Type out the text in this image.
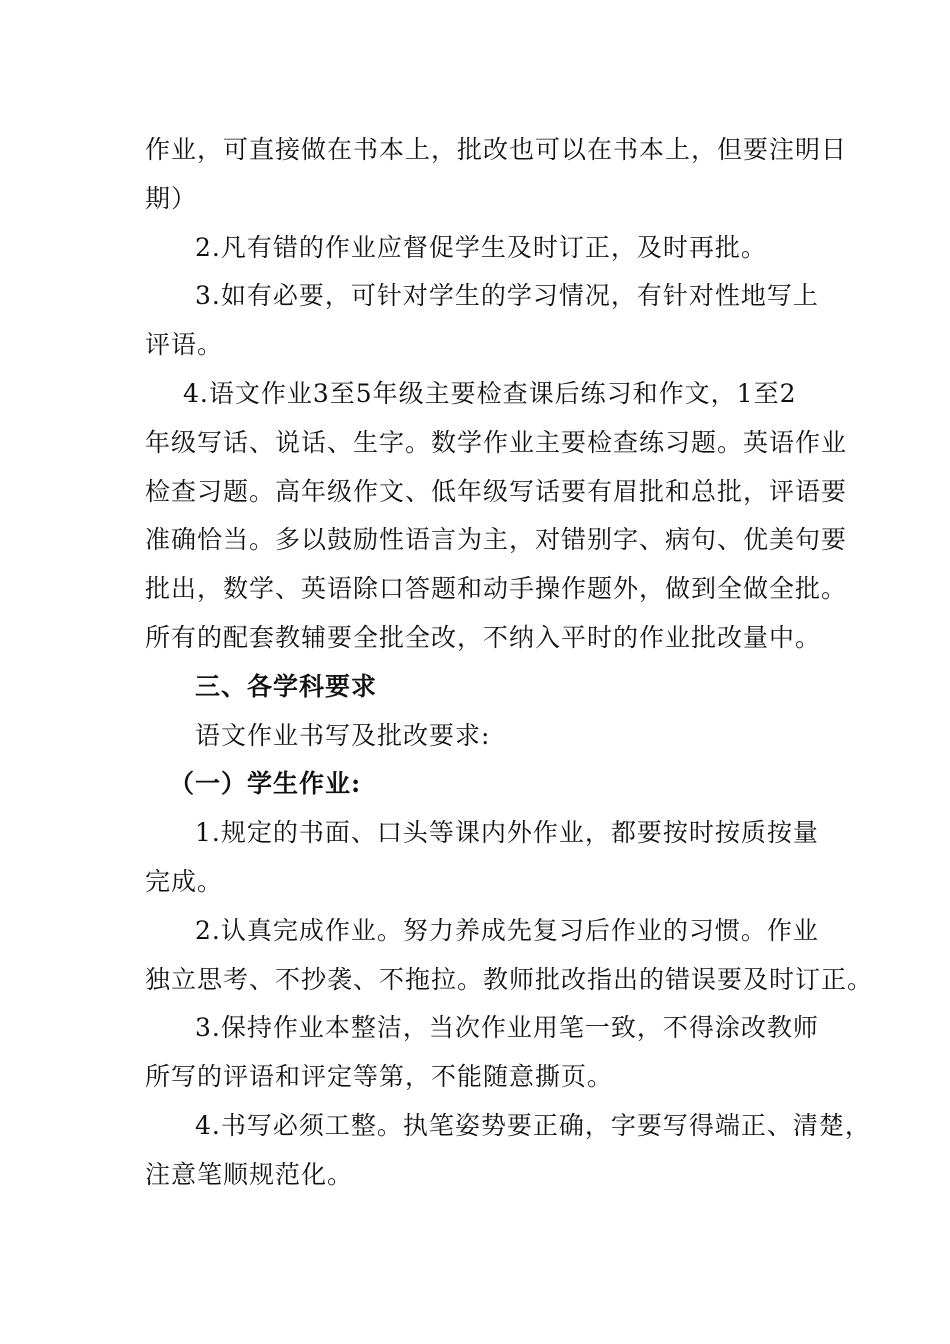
作业，可直接做在书本上，批改也可以在书本上，但要注明日

期）

2.凡有错的作业应督促学生及时订正，及时再批。

3.如有必要，可针对学生的学习情况，有针对性地写上

评语。

4.语文作业3至5年级主要检查课后练习和作文，1至2

年级写话、说话、生字。数学作业主要检查练习题。英语作业

检查习题。高年级作文、低年级写话要有眉批和总批，评语要

准确恰当。多以鼓励性语言为主，对错别字、病句、优美句要

批出，数学、英语除口答题和动手操作题外，做到全做全批。

所有的配套教辅要全批全改，不纳入平时的作业批改量中。

三、各学科要求

语文作业书写及批改要求:

（一）学生作业:

1.规定的书面、口头等课内外作业，都要按时按质按量

完成。

2.认真完成作业。努力养成先复习后作业的习惯。作业

独立思考、不抄袭、不拖拉。教师批改指出的错误要及时订正。

3.保持作业本整洁，当次作业用笔一致，不得涂改教师

所写的评语和评定等第，不能随意撕页。

4.书写必须工整。执笔姿势要正确，字要写得端正、清楚，

注意笔顺规范化。
